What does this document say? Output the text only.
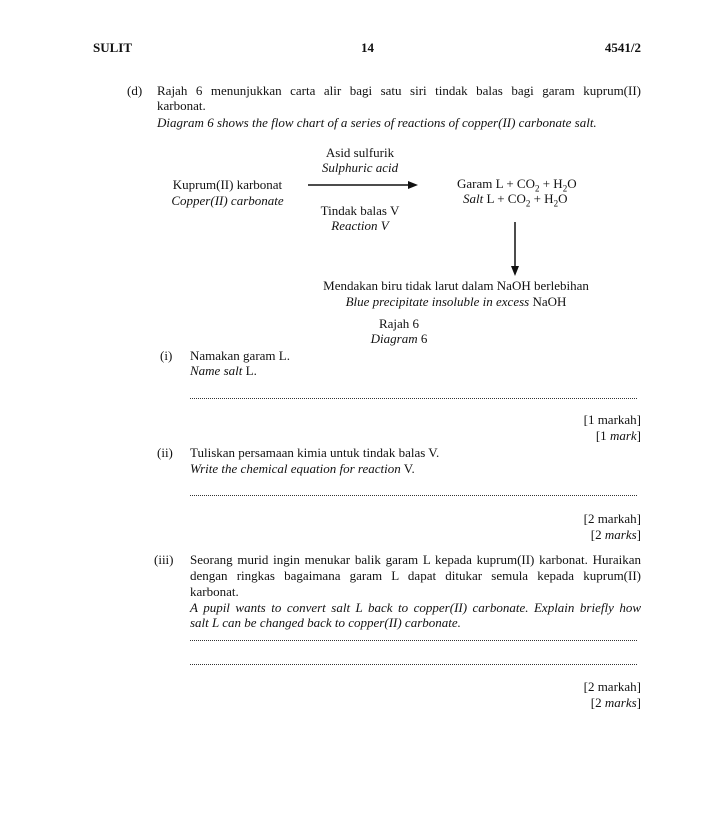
SULIT	14	4541/2
(d) Rajah 6 menunjukkan carta alir bagi satu siri tindak balas bagi garam kuprum(II)
karbonat.
Diagram 6 shows the flow chart of a series of reactions of copper(II) carbonate salt.
Asid sulfurik
Sulphuric acid
Kuprum(II) karbonat
Copper(II) carbonate
Tindak balas V
Reaction V
Garam $L + CO_2 + H_2O$
Salt $L + CO_2 + H_2O$
Mendakan biru tidak larut dalam NaOH berlebihan
Blue precipitate insoluble in excess NaOH
Rajah 6
Diagram 6
(i) Namakan garam L.
Name salt L.
[1 markah]
[1 mark]
(ii) Tuliskan persamaan kimia untuk tindak balas V.
Write the chemical equation for reaction V.
[2 markah]
[2 marks]
(iii) Seorang murid ingin menukar balik garam L kepada kuprum(II) karbonat. Huraikan
dengan ringkas bagaimana garam L dapat ditukar semula kepada kuprum(II)
karbonat.
A pupil wants to convert salt L back to copper(II) carbonate. Explain briefly how
salt L can be changed back to copper(II) carbonate.
[2 markah]
[2 marks]
